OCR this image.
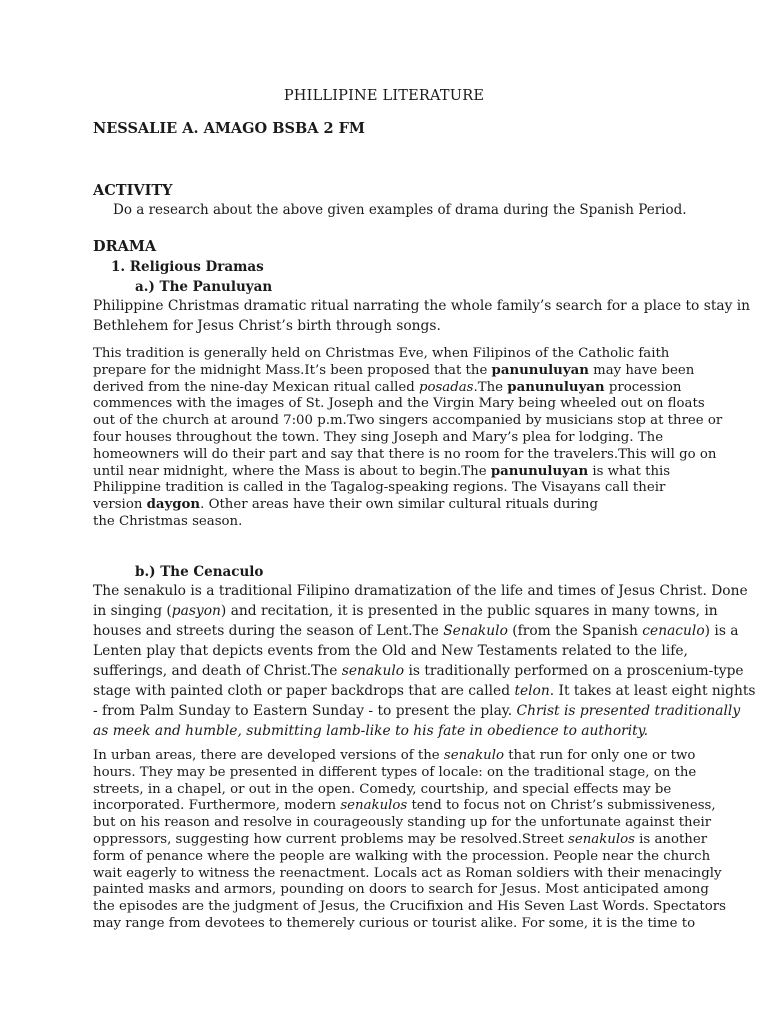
PHILLIPINE LITERATURE
NESSALIE A. AMAGO BSBA 2 FM
ACTIVITY
Do a research about the above given examples of drama during the Spanish Period.
DRAMA
1. Religious Dramas
a.) The Panuluyan

Philippine Christmas dramatic ritual narrating the whole family’s search for a place to stay in
Bethlehem for Jesus Christ’s birth through songs.

This tradition is generally held on Christmas Eve, when Filipinos of the Catholic faith
prepare for the midnight Mass.It’s been proposed that the panunuluyan may have been
derived from the nine-day Mexican ritual called posadas.The panunuluyan procession
commences with the images of St. Joseph and the Virgin Mary being wheeled out on floats
out of the church at around 7:00 p.m.Two singers accompanied by musicians stop at three or
four houses throughout the town. They sing Joseph and Mary’s plea for lodging. The
homeowners will do their part and say that there is no room for the travelers.This will go on
until near midnight, where the Mass is about to begin.The panunuluyan is what this
Philippine tradition is called in the Tagalog-speaking regions. The Visayans call their
version daygon. Other areas have their own similar cultural rituals during
the Christmas season.

b.) The Cenaculo

The senakulo is a traditional Filipino dramatization of the life and times of Jesus Christ. Done
in singing (pasyon) and recitation, it is presented in the public squares in many towns, in
houses and streets during the season of Lent.The Senakulo (from the Spanish cenaculo) is a
Lenten play that depicts events from the Old and New Testaments related to the life,
sufferings, and death of Christ.The senakulo is traditionally performed on a proscenium-type
stage with painted cloth or paper backdrops that are called telon. It takes at least eight nights
- from Palm Sunday to Eastern Sunday - to present the play. Christ is presented traditionally
as meek and humble, submitting lamb-like to his fate in obedience to authority.

In urban areas, there are developed versions of the senakulo that run for only one or two
hours. They may be presented in different types of locale: on the traditional stage, on the
streets, in a chapel, or out in the open. Comedy, courtship, and special effects may be
incorporated. Furthermore, modern senakulos tend to focus not on Christ’s submissiveness,
but on his reason and resolve in courageously standing up for the unfortunate against their
oppressors, suggesting how current problems may be resolved.Street senakulos is another
form of penance where the people are walking with the procession. People near the church
wait eagerly to witness the reenactment. Locals act as Roman soldiers with their menacingly
painted masks and armors, pounding on doors to search for Jesus. Most anticipated among
the episodes are the judgment of Jesus, the Crucifixion and His Seven Last Words. Spectators
may range from devotees to themerely curious or tourist alike. For some, it is the time to
